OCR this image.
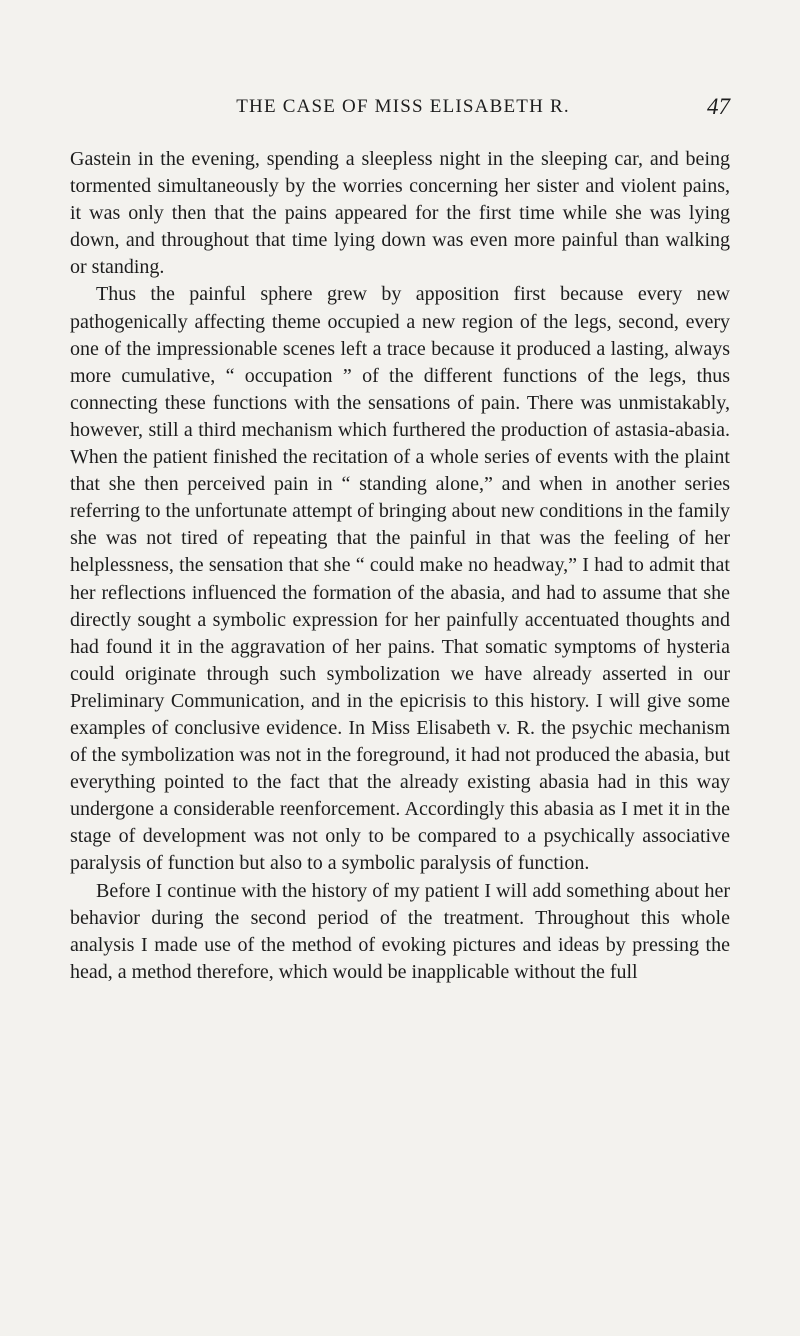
THE CASE OF MISS ELISABETH R.	47

Gastein in the evening, spending a sleepless night in the sleeping car, and being tormented simultaneously by the worries concerning her sister and violent pains, it was only then that the pains appeared for the first time while she was lying down, and throughout that time lying down was even more painful than walking or standing.

Thus the painful sphere grew by apposition first because every new pathogenically affecting theme occupied a new region of the legs, second, every one of the impressionable scenes left a trace because it produced a lasting, always more cumulative, “ occupation ” of the different functions of the legs, thus connecting these functions with the sensations of pain. There was unmistakably, however, still a third mechanism which furthered the production of astasia-abasia. When the patient finished the recitation of a whole series of events with the plaint that she then perceived pain in “ standing alone,” and when in another series referring to the unfortunate attempt of bringing about new conditions in the family she was not tired of repeating that the painful in that was the feeling of her helplessness, the sensation that she “ could make no headway,” I had to admit that her reflections influenced the formation of the abasia, and had to assume that she directly sought a symbolic expression for her painfully accentuated thoughts and had found it in the aggravation of her pains. That somatic symptoms of hysteria could originate through such symbolization we have already asserted in our Preliminary Communication, and in the epicrisis to this history. I will give some examples of conclusive evidence. In Miss Elisabeth v. R. the psychic mechanism of the symbolization was not in the foreground, it had not produced the abasia, but everything pointed to the fact that the already existing abasia had in this way undergone a considerable reenforcement. Accordingly this abasia as I met it in the stage of development was not only to be compared to a psychically associative paralysis of function but also to a symbolic paralysis of function.

Before I continue with the history of my patient I will add something about her behavior during the second period of the treatment. Throughout this whole analysis I made use of the method of evoking pictures and ideas by pressing the head, a method therefore, which would be inapplicable without the full
